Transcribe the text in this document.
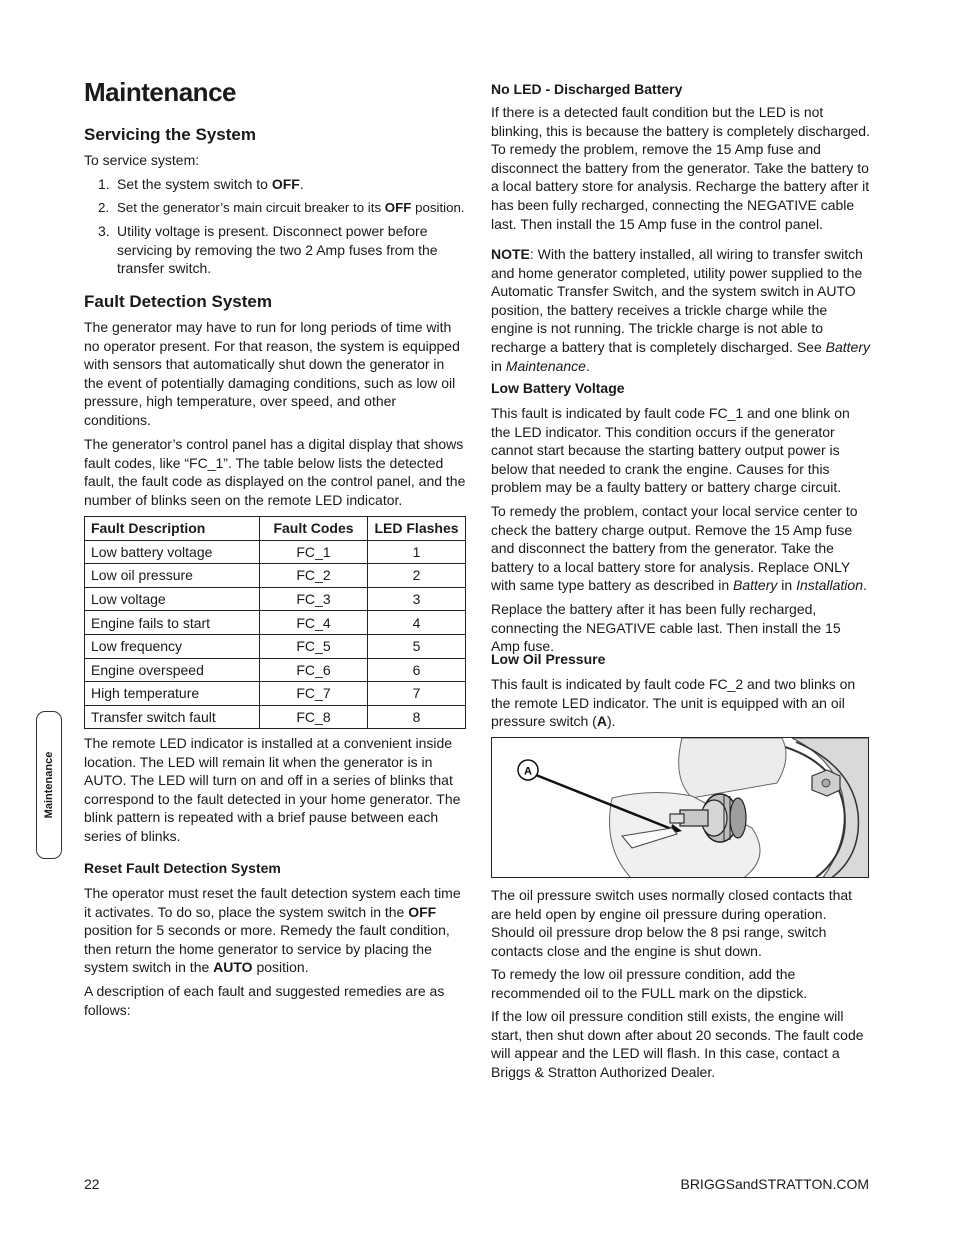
Maintenance
Servicing the System

To service system:

1. Set the system switch to OFF.
2. Set the generator’s main circuit breaker to its OFF position.
3. Utility voltage is present. Disconnect power before servicing by removing the two 2 Amp fuses from the transfer switch.
Fault Detection System

The generator may have to run for long periods of time with no operator present. For that reason, the system is equipped with sensors that automatically shut down the generator in the event of potentially damaging conditions, such as low oil pressure, high temperature, over speed, and other conditions.

The generator’s control panel has a digital display that shows fault codes, like “FC_1”. The table below lists the detected fault, the fault code as displayed on the control panel, and the number of blinks seen on the remote LED indicator.

Fault Description	Fault Codes	LED Flashes
Low battery voltage	FC_1	1
Low oil pressure	FC_2	2
Low voltage	FC_3	3
Engine fails to start	FC_4	4
Low frequency	FC_5	5
Engine overspeed	FC_6	6
High temperature	FC_7	7
Transfer switch fault	FC_8	8

The remote LED indicator is installed at a convenient inside location. The LED will remain lit when the generator is in AUTO. The LED will turn on and off in a series of blinks that correspond to the fault detected in your home generator. The blink pattern is repeated with a brief pause between each series of blinks.

Reset Fault Detection System

The operator must reset the fault detection system each time it activates. To do so, place the system switch in the OFF position for 5 seconds or more. Remedy the fault condition, then return the home generator to service by placing the system switch in the AUTO position.

A description of each fault and suggested remedies are as follows:

22
Maintenance
No LED - Discharged Battery

If there is a detected fault condition but the LED is not blinking, this is because the battery is completely discharged. To remedy the problem, remove the 15 Amp fuse and disconnect the battery from the generator. Take the battery to a local battery store for analysis. Recharge the battery after it has been fully recharged, connecting the NEGATIVE cable last. Then install the 15 Amp fuse in the control panel.

NOTE: With the battery installed, all wiring to transfer switch and home generator completed, utility power supplied to the Automatic Transfer Switch, and the system switch in AUTO position, the battery receives a trickle charge while the engine is not running. The trickle charge is not able to recharge a battery that is completely discharged. See Battery in Maintenance.

Low Battery Voltage

This fault is indicated by fault code FC_1 and one blink on the LED indicator. This condition occurs if the generator cannot start because the starting battery output power is below that needed to crank the engine. Causes for this problem may be a faulty battery or battery charge circuit.

To remedy the problem, contact your local service center to check the battery charge output. Remove the 15 Amp fuse and disconnect the battery from the generator. Take the battery to a local battery store for analysis. Replace ONLY with same type battery as described in Battery in Installation.

Replace the battery after it has been fully recharged, connecting the NEGATIVE cable last. Then install the 15 Amp fuse.

Low Oil Pressure

This fault is indicated by fault code FC_2 and two blinks on the remote LED indicator. The unit is equipped with an oil pressure switch (A).

A

The oil pressure switch uses normally closed contacts that are held open by engine oil pressure during operation. Should oil pressure drop below the 8 psi range, switch contacts close and the engine is shut down.

To remedy the low oil pressure condition, add the recommended oil to the FULL mark on the dipstick.

If the low oil pressure condition still exists, the engine will start, then shut down after about 20 seconds. The fault code will appear and the LED will flash. In this case, contact a Briggs & Stratton Authorized Dealer.

BRIGGSandSTRATTON.COM
